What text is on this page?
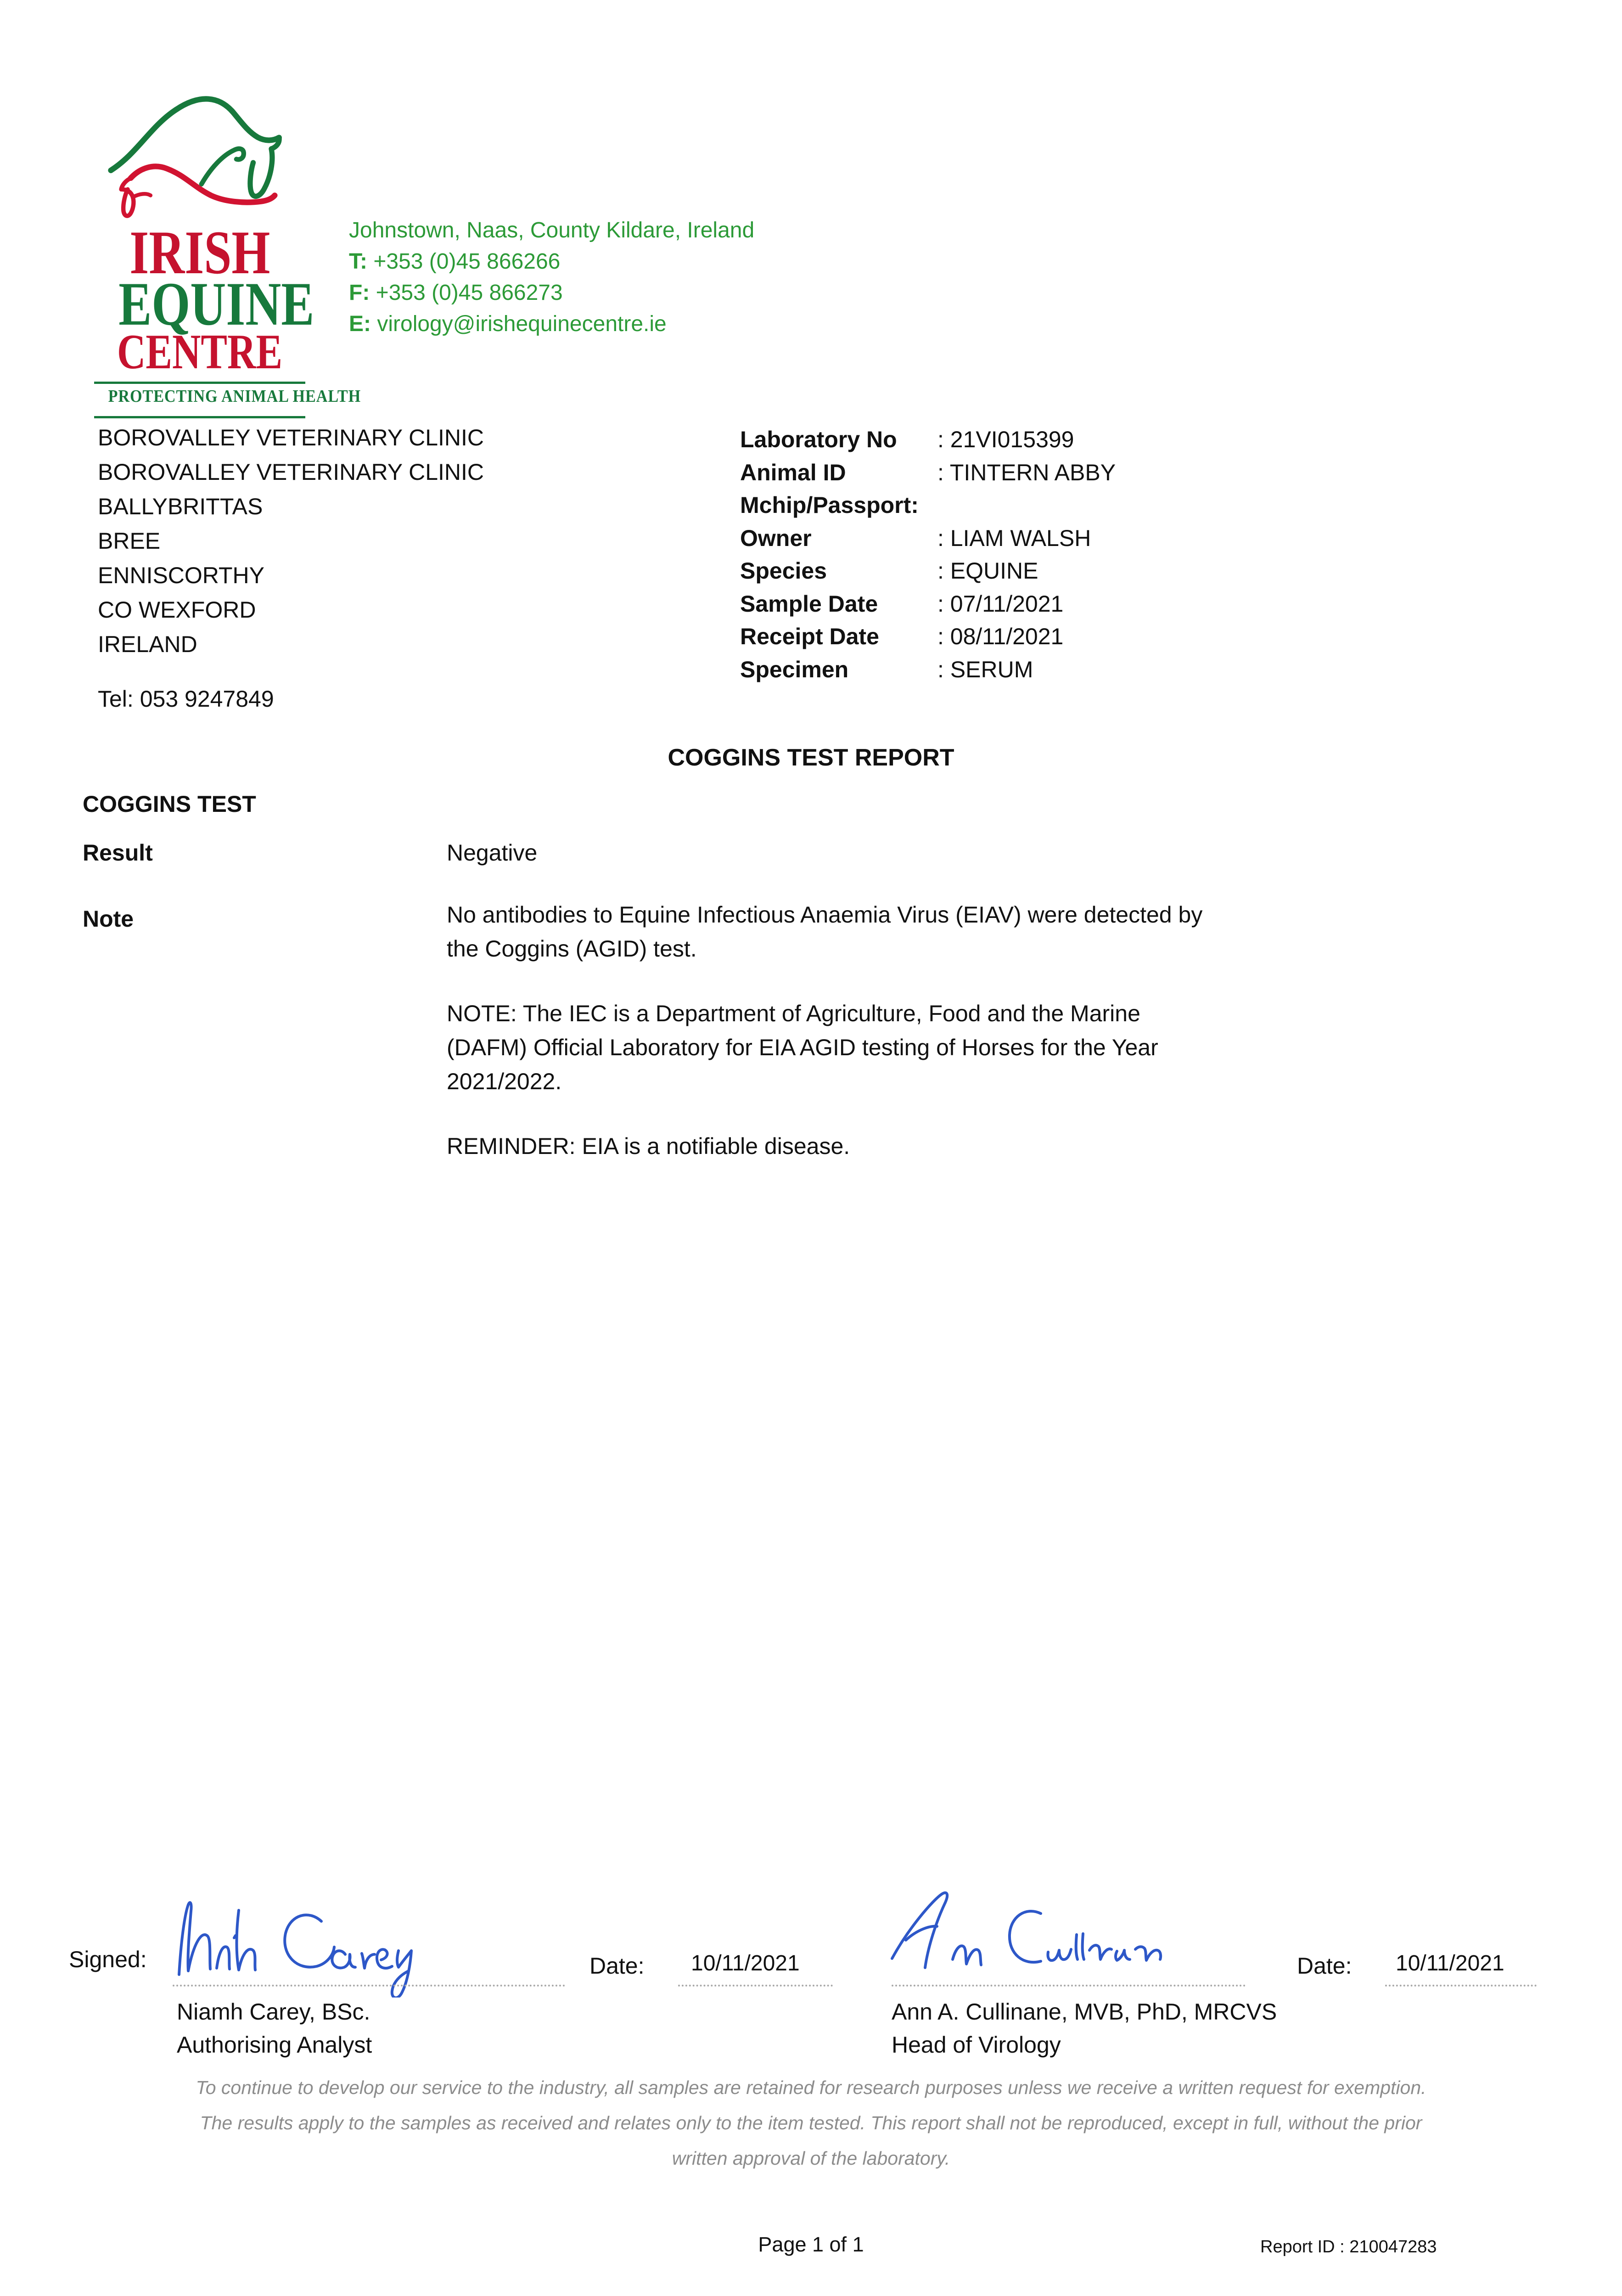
IRISH
EQUINE
CENTRE
PROTECTING ANIMAL HEALTH
Johnstown, Naas, County Kildare, Ireland
T: +353 (0)45 866266
F: +353 (0)45 866273
E: virology@irishequinecentre.ie
BOROVALLEY VETERINARY CLINIC
BOROVALLEY VETERINARY CLINIC
BALLYBRITTAS
BREE
ENNISCORTHY
CO WEXFORD
IRELAND
Tel: 053 9247849
Laboratory No	: 21VI015399
Animal ID	: TINTERN ABBY
Mchip/Passport:
Owner	: LIAM WALSH
Species	: EQUINE
Sample Date	: 07/11/2021
Receipt Date	: 08/11/2021
Specimen	: SERUM
COGGINS TEST REPORT
COGGINS TEST
Result	Negative
Note	No antibodies to Equine Infectious Anaemia Virus (EIAV) were detected by
the Coggins (AGID) test.
NOTE: The IEC is a Department of Agriculture, Food and the Marine
(DAFM) Official Laboratory for EIA AGID testing of Horses for the Year
2021/2022.
REMINDER: EIA is a notifiable disease.
Signed:	Date: 10/11/2021
Niamh Carey, BSc.
Authorising Analyst
Date: 10/11/2021
Ann A. Cullinane, MVB, PhD, MRCVS
Head of Virology
To continue to develop our service to the industry, all samples are retained for research purposes unless we receive a written request for exemption.
The results apply to the samples as received and relates only to the item tested. This report shall not be reproduced, except in full, without the prior
written approval of the laboratory.
Page 1 of 1	Report ID : 210047283
